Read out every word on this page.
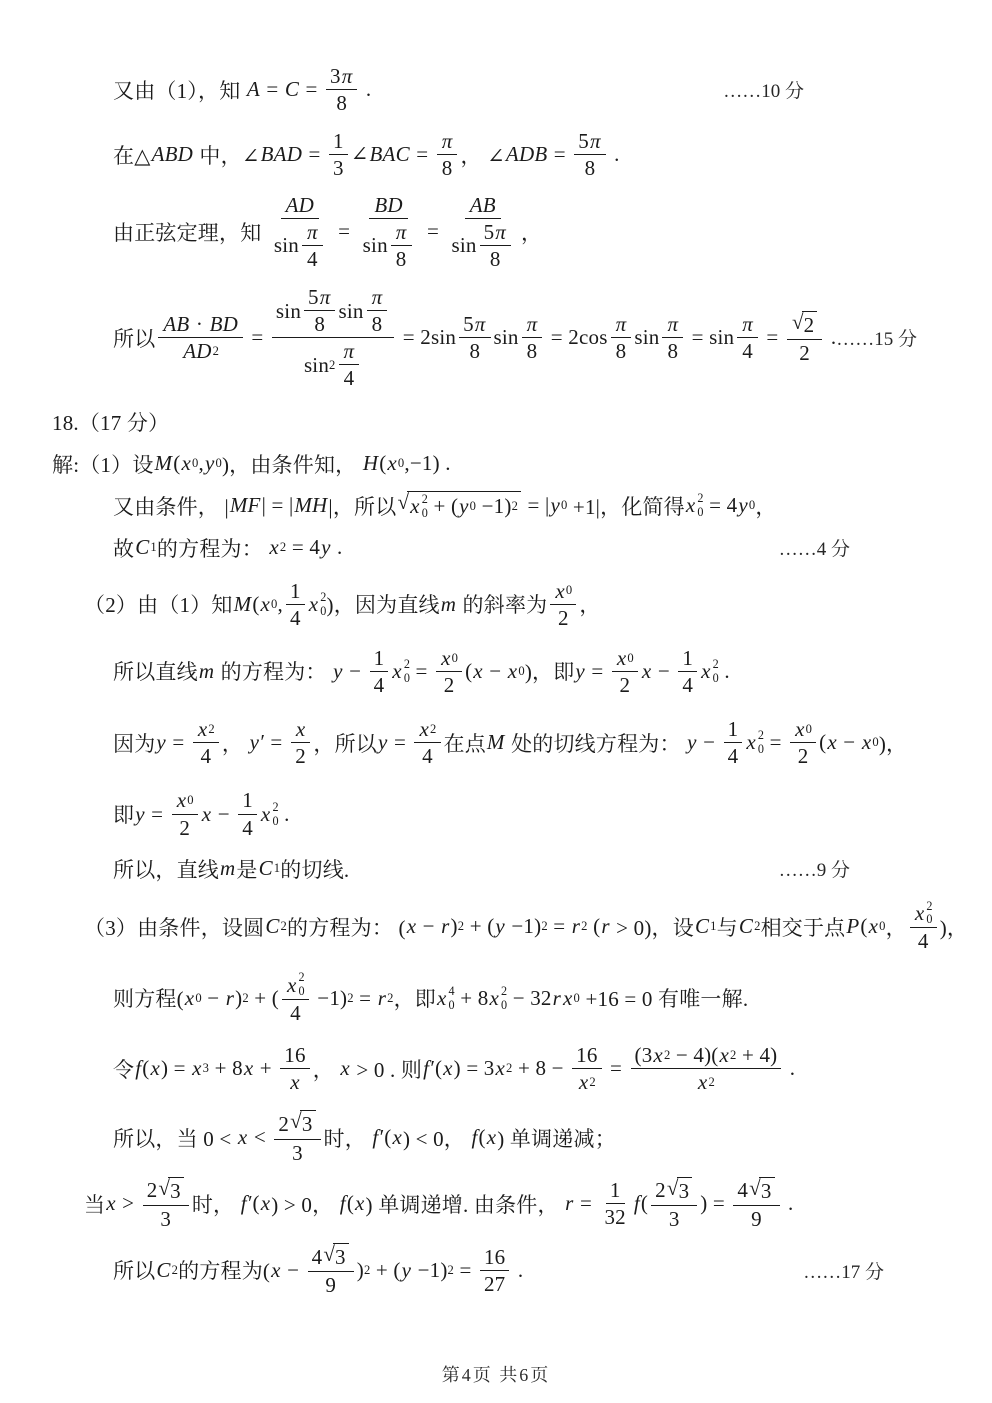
又由（1），知 $A = C = \frac{3 \pi}{8}$ .	……10 分
在△ ABD 中，∠ BAD = $\frac{1}{3}$ ∠ BAC = $\frac{\pi}{8}$ ， ∠ ADB = $\frac{5 \pi}{8}$ .
由正弦定理，知 $\frac{AD}{\sin \frac{\pi}{4}} = \frac{BD}{\sin \frac{\pi}{8}} = \frac{AB}{\sin \frac{5 \pi}{8}}$ ，
所以 $\frac{AB \cdot BD}{AD 2} = \frac{\sin \frac{5 \pi}{8} \sin \frac{\pi}{8}}{\sin 2 \frac{\pi}{4}} = 2\sin \frac{5 \pi}{8}$ $\sin \frac{\pi}{8} = 2\cos \frac{\pi}{8}$ $\sin \frac{\pi}{8} = \sin \frac{\pi}{4} = \frac{√ 2}{2}$ . ……15 分
18.（17 分）
解:（1）设 M ( x 0 , y 0 )，由条件知， H ( x 0 ,−1) .
又由条件， | MF | = | MH |，所以 √ x 2
0 + ( y 0 −1 ) 2 = | y 0 +1|，化简得 x 2
0 = 4 y 0 ，
故 C 1 的方程为： x 2 = 4 y .	……4 分
（2）由（1）知 M ( x 0 , $\frac{1}{4}$ x 2
0 )，因为直线 m 的斜率为 $\frac{x 0}{2}$ ，
所以直线 m 的方程为： $y - \frac{1}{4}$ x 2
$0 = \frac{x 0}{2}$ ( x − x 0 )，即 $y = \frac{x 0}{2}$ $x - \frac{1}{4}$ x 2
0 .
因为 $y = \frac{x 2}{4}$ ， $y' = \frac{x}{2}$ ，所以 $y = \frac{x 2}{4}$ 在点 M 处的切线方程为： $y - \frac{1}{4}$ x 2
$0 = \frac{x 0}{2}$ ( x − x 0 )，
即 $y = \frac{x 0}{2}$ $x - \frac{1}{4}$ x 2
0 .
所以，直线 m 是 C 1 的切线.	……9 分
（3）由条件，设圆 C 2 的方程为： ( x − r ) 2 + ( y −1 ) 2 = r 2 ( r > 0)，设 C 1 与 C 2 相交于点 P ( x 0 ， x 2
0
4 )，
则方程( x 0 − r ) 2 + ( x 2
0
4 −1 ) 2 = r 2 ，即 x 4
0 + 8 x 2
0 − 32 r x 0 +16 = 0 有唯一解.
令 f ( x ) = x 3 + 8 $x + \frac{16}{x}$ ， x > 0 . 则 f′ ( x ) = 3 x $2 + 8 - \frac{16}{x 2} = \frac{(3 x 2 - 4)( x 2 + 4)}{x 2}$ .
所以，当 $0 < x < \frac{2 √ 3}{3}$ 时， f′ ( x ) < 0， f ( x ) 单调递减；
当 $x > \frac{2 √ 3}{3}$ 时， f′ ( x ) > 0， f ( x ) 单调递增. 由条件， $r = \frac{1}{32}$ f ( $\frac{2 √ 3}{3}$ ) = $\frac{4 √ 3}{9}$ .
所以 C 2 的方程为( $x - \frac{4 √ 3}{9}$ ) 2 + ( y −1 ) $2 = \frac{16}{27}$ .	……17 分
第4页 共6页
